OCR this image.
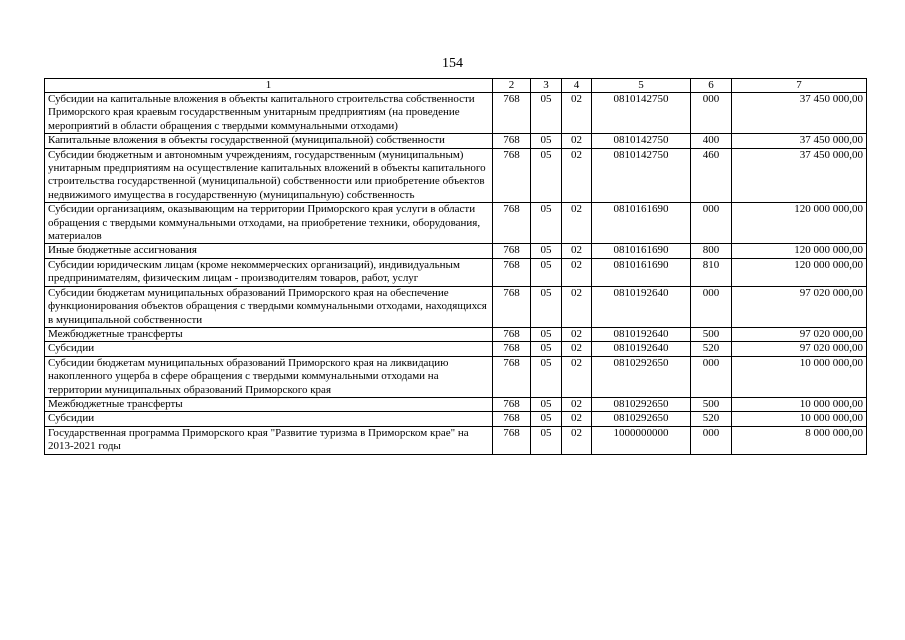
154
1	2	3	4	5	6	7
Субсидии на капитальные вложения в объекты капитального строительства собственности Приморского края краевым государственным унитарным предприятиям (на проведение мероприятий в области обращения с твердыми коммунальными отходами)	768	05	02	0810142750	000	37 450 000,00
Капитальные вложения в объекты государственной (муниципальной) собственности	768	05	02	0810142750	400	37 450 000,00
Субсидии бюджетным и автономным учреждениям, государственным (муниципальным) унитарным предприятиям на осуществление капитальных вложений в объекты капитального строительства государственной (муниципальной) собственности или приобретение объектов недвижимого имущества в государственную (муниципальную) собственность	768	05	02	0810142750	460	37 450 000,00
Субсидии организациям, оказывающим на территории Приморского края услуги в области обращения с твердыми коммунальными отходами, на приобретение техники, оборудования, материалов	768	05	02	0810161690	000	120 000 000,00
Иные бюджетные ассигнования	768	05	02	0810161690	800	120 000 000,00
Субсидии юридическим лицам (кроме некоммерческих организаций), индивидуальным предпринимателям, физическим лицам - производителям товаров, работ, услуг	768	05	02	0810161690	810	120 000 000,00
Субсидии бюджетам муниципальных образований Приморского края на обеспечение функционирования объектов обращения с твердыми коммунальными отходами, находящихся в муниципальной собственности	768	05	02	0810192640	000	97 020 000,00
Межбюджетные трансферты	768	05	02	0810192640	500	97 020 000,00
Субсидии	768	05	02	0810192640	520	97 020 000,00
Субсидии бюджетам муниципальных образований Приморского края на ликвидацию накопленного ущерба в сфере обращения с твердыми коммунальными отходами на территории муниципальных образований Приморского края	768	05	02	0810292650	000	10 000 000,00
Межбюджетные трансферты	768	05	02	0810292650	500	10 000 000,00
Субсидии	768	05	02	0810292650	520	10 000 000,00
Государственная программа Приморского края "Развитие туризма в Приморском крае" на 2013-2021 годы	768	05	02	1000000000	000	8 000 000,00
